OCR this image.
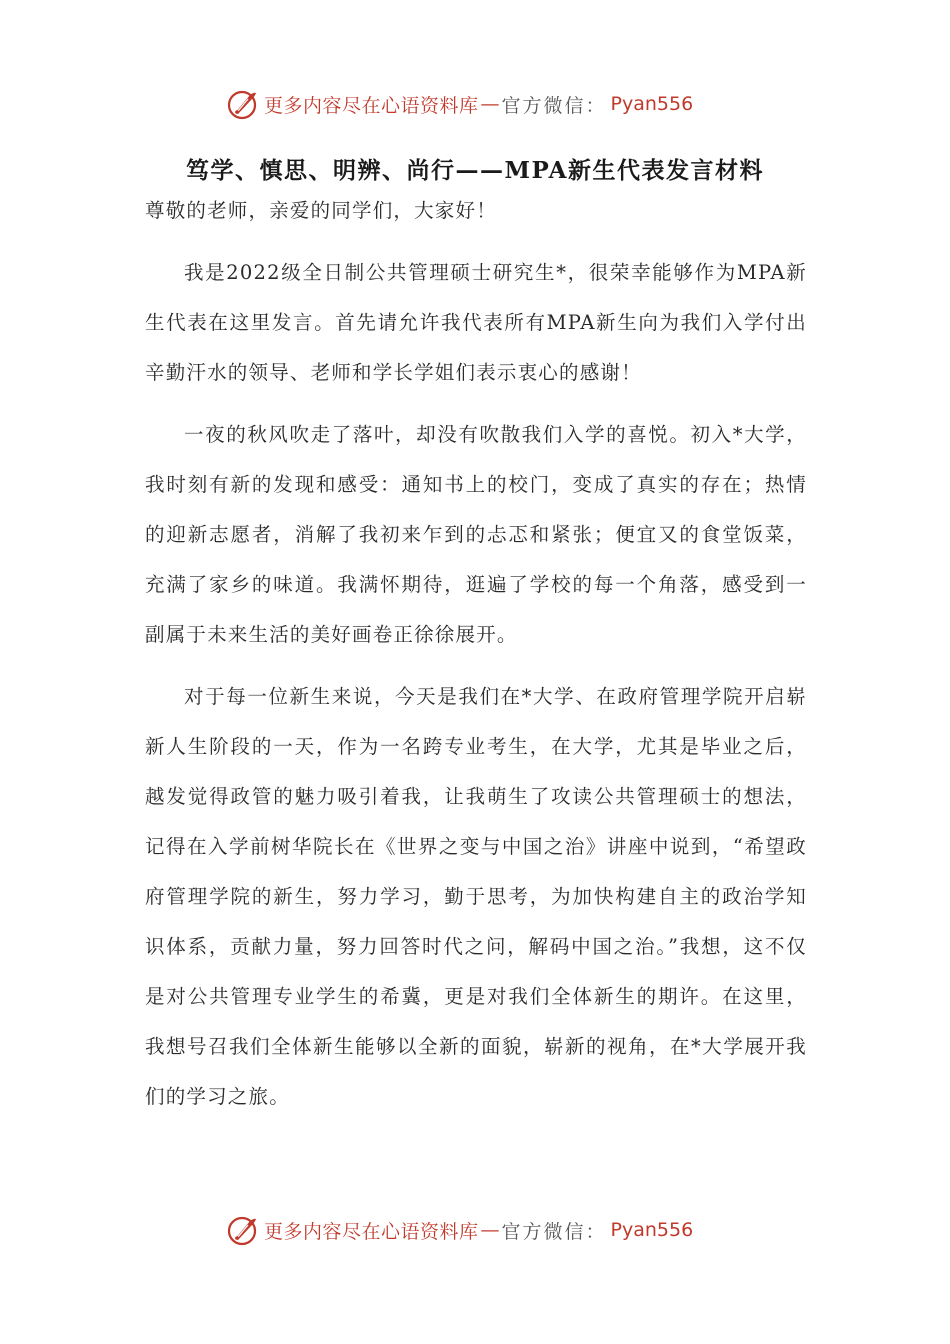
更多内容尽在心语资料库 — 官方微信： Pyan556
笃学、慎思、明辨、尚行——MPA新生代表发言材料

尊敬的老师，亲爱的同学们，大家好！

我是2022级全日制公共管理硕士研究生*，很荣幸能够作为MPA新生代表在这里发言。首先请允许我代表所有MPA新生向为我们入学付出辛勤汗水的领导、老师和学长学姐们表示衷心的感谢！

一夜的秋风吹走了落叶，却没有吹散我们入学的喜悦。初入*大学，我时刻有新的发现和感受：通知书上的校门，变成了真实的存在；热情的迎新志愿者，消解了我初来乍到的忐忑和紧张；便宜又的食堂饭菜，充满了家乡的味道。我满怀期待，逛遍了学校的每一个角落，感受到一副属于未来生活的美好画卷正徐徐展开。

对于每一位新生来说，今天是我们在*大学、在政府管理学院开启崭新人生阶段的一天，作为一名跨专业考生，在大学，尤其是毕业之后，越发觉得政管的魅力吸引着我，让我萌生了攻读公共管理硕士的想法，记得在入学前树华院长在《世界之变与中国之治》讲座中说到，“希望政府管理学院的新生，努力学习，勤于思考，为加快构建自主的政治学知识体系，贡献力量，努力回答时代之问，解码中国之治。”我想，这不仅是对公共管理专业学生的希冀，更是对我们全体新生的期许。在这里，我想号召我们全体新生能够以全新的面貌，崭新的视角，在*大学展开我们的学习之旅。

更多内容尽在心语资料库 — 官方微信： Pyan556
